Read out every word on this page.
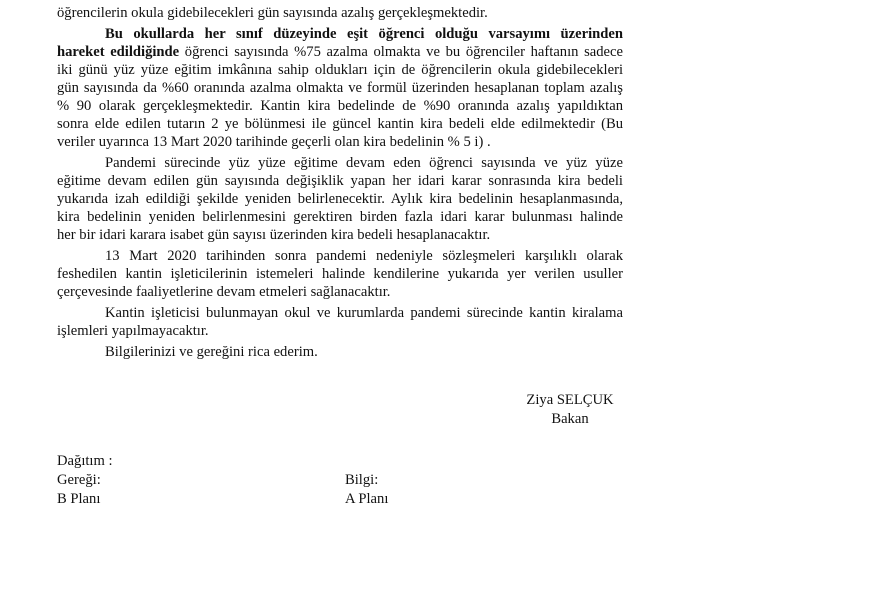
öğrencilerin okula gidebilecekleri gün sayısında azalış gerçekleşmektedir.
Bu okullarda her sınıf düzeyinde eşit öğrenci olduğu varsayımı üzerinden
hareket edildiğinde öğrenci sayısında %75 azalma olmakta ve bu öğrenciler haftanın sadece
iki günü yüz yüze eğitim imkânına sahip oldukları için de öğrencilerin okula gidebilecekleri
gün sayısında da %60 oranında azalma olmakta ve formül üzerinden hesaplanan toplam azalış
% 90 olarak gerçekleşmektedir. Kantin kira bedelinde de %90 oranında azalış yapıldıktan
sonra elde edilen tutarın 2 ye bölünmesi ile güncel kantin kira bedeli elde edilmektedir (Bu
veriler uyarınca 13 Mart 2020 tarihinde geçerli olan kira bedelinin % 5 i) .
Pandemi sürecinde yüz yüze eğitime devam eden öğrenci sayısında ve yüz yüze
eğitime devam edilen gün sayısında değişiklik yapan her idari karar sonrasında kira bedeli
yukarıda izah edildiği şekilde yeniden belirlenecektir. Aylık kira bedelinin hesaplanmasında,
kira bedelinin yeniden belirlenmesini gerektiren birden fazla idari karar bulunması halinde
her bir idari karara isabet gün sayısı üzerinden kira bedeli hesaplanacaktır.
13 Mart 2020 tarihinden sonra pandemi nedeniyle sözleşmeleri karşılıklı olarak
feshedilen kantin işleticilerinin istemeleri halinde kendilerine yukarıda yer verilen usuller
çerçevesinde faaliyetlerine devam etmeleri sağlanacaktır.
Kantin işleticisi bulunmayan okul ve kurumlarda pandemi sürecinde kantin kiralama
işlemleri yapılmayacaktır.
Bilgilerinizi ve gereğini rica ederim.
Ziya SELÇUK
Bakan
Dağıtım :
Gereği:
B Planı
Bilgi:
A Planı
